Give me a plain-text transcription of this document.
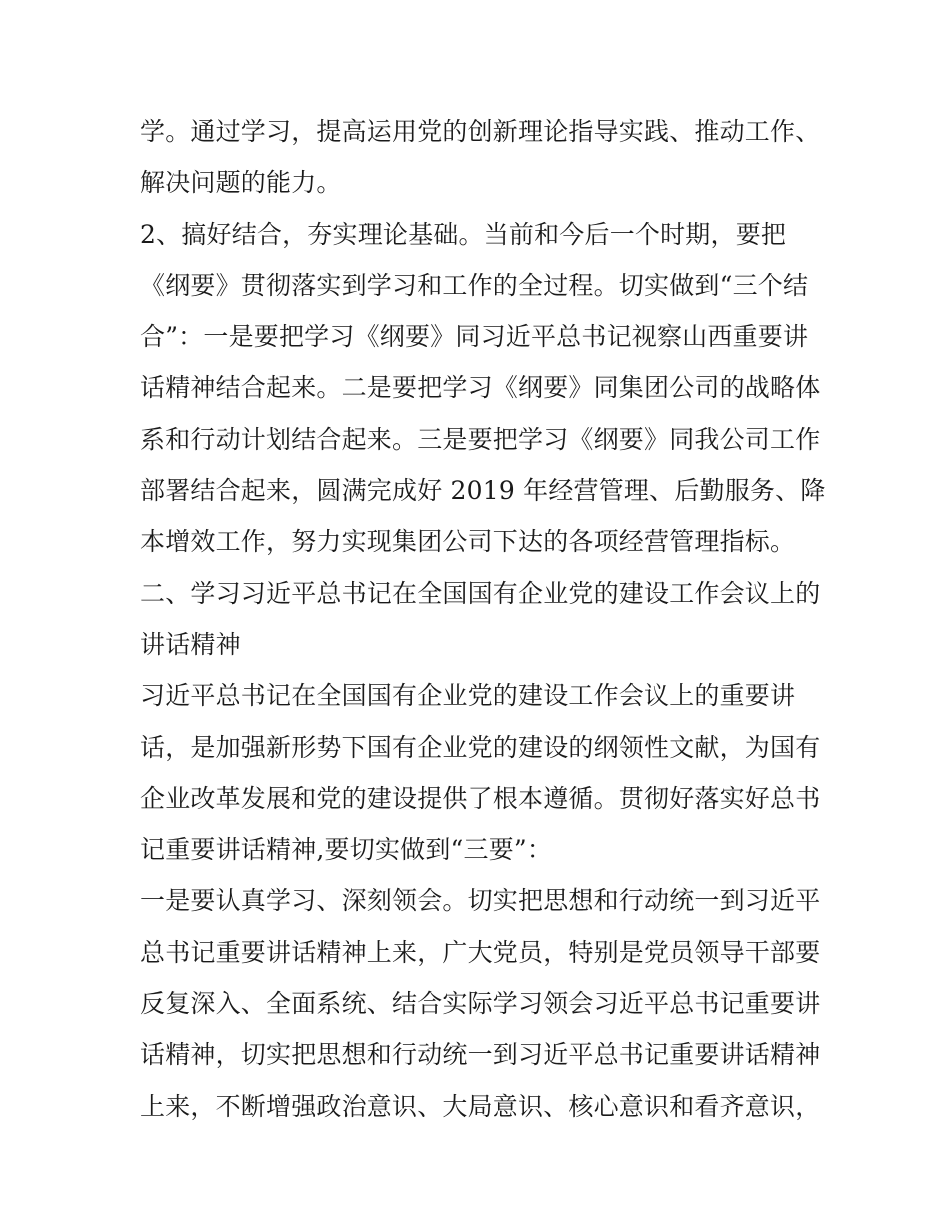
学。通过学习，提高运用党的创新理论指导实践、推动工作、
解决问题的能力。
2、搞好结合，夯实理论基础。当前和今后一个时期，要把
《纲要》贯彻落实到学习和工作的全过程。切实做到“三个结
合”：一是要把学习《纲要》同习近平总书记视察山西重要讲
话精神结合起来。二是要把学习《纲要》同集团公司的战略体
系和行动计划结合起来。三是要把学习《纲要》同我公司工作
部署结合起来，圆满完成好 2019 年经营管理、后勤服务、降
本增效工作，努力实现集团公司下达的各项经营管理指标。
二、学习习近平总书记在全国国有企业党的建设工作会议上的
讲话精神
习近平总书记在全国国有企业党的建设工作会议上的重要讲
话，是加强新形势下国有企业党的建设的纲领性文献，为国有
企业改革发展和党的建设提供了根本遵循。贯彻好落实好总书
记重要讲话精神,要切实做到“三要”：
一是要认真学习、深刻领会。切实把思想和行动统一到习近平
总书记重要讲话精神上来，广大党员，特别是党员领导干部要
反复深入、全面系统、结合实际学习领会习近平总书记重要讲
话精神，切实把思想和行动统一到习近平总书记重要讲话精神
上来，不断增强政治意识、大局意识、核心意识和看齐意识，
